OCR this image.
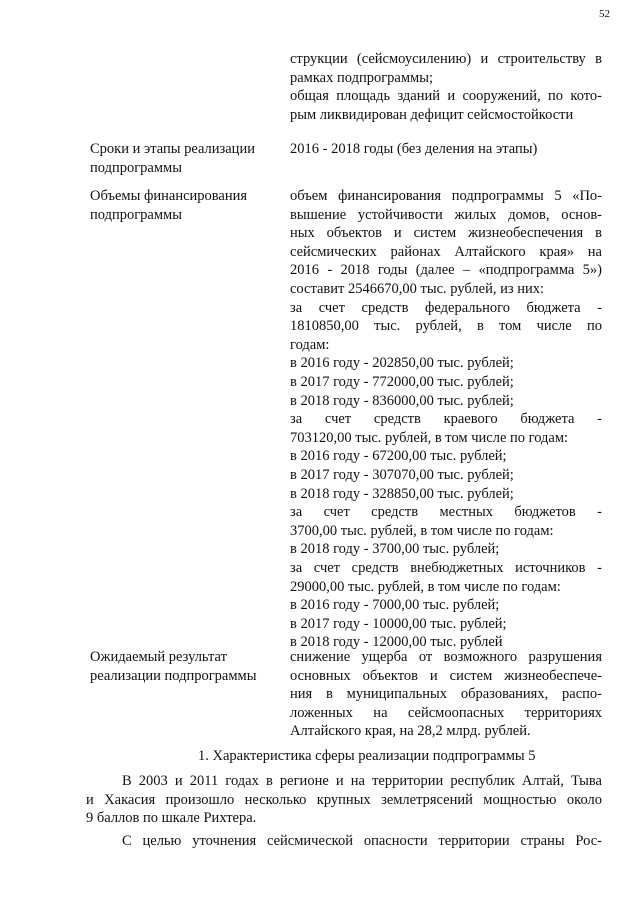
52
струкции (сейсмоусилению) и строительству в
рамках подпрограммы;
общая площадь зданий и сооружений, по кото-
рым ликвидирован дефицит сейсмостойкости
Сроки и этапы реализации
подпрограммы
2016 - 2018 годы (без деления на этапы)
Объемы финансирования
подпрограммы
объем финансирования подпрограммы 5 «По-
вышение устойчивости жилых домов, основ-
ных объектов и систем жизнеобеспечения в
сейсмических районах Алтайского края» на
2016 - 2018 годы (далее – «подпрограмма 5»)
составит 2546670,00 тыс. рублей, из них:
за счет средств федерального бюджета -
1810850,00 тыс. рублей, в том числе по
годам:
в 2016 году - 202850,00 тыс. рублей;
в 2017 году - 772000,00 тыс. рублей;
в 2018 году - 836000,00 тыс. рублей;
за счет средств краевого бюджета -
703120,00 тыс. рублей, в том числе по годам:
в 2016 году - 67200,00 тыс. рублей;
в 2017 году - 307070,00 тыс. рублей;
в 2018 году - 328850,00 тыс. рублей;
за счет средств местных бюджетов -
3700,00 тыс. рублей, в том числе по годам:
в 2018 году - 3700,00 тыс. рублей;
за счет средств внебюджетных источников -
29000,00 тыс. рублей, в том числе по годам:
в 2016 году - 7000,00 тыс. рублей;
в 2017 году - 10000,00 тыс. рублей;
в 2018 году - 12000,00 тыс. рублей
Ожидаемый результат
реализации подпрограммы
снижение ущерба от возможного разрушения
основных объектов и систем жизнеобеспече-
ния в муниципальных образованиях, распо-
ложенных на сейсмоопасных территориях
Алтайского края, на 28,2 млрд. рублей.
1. Характеристика сферы реализации подпрограммы 5
В 2003 и 2011 годах в регионе и на территории республик Алтай, Тыва
и Хакасия произошло несколько крупных землетрясений мощностью около
9 баллов по шкале Рихтера.
С целью уточнения сейсмической опасности территории страны Рос-
